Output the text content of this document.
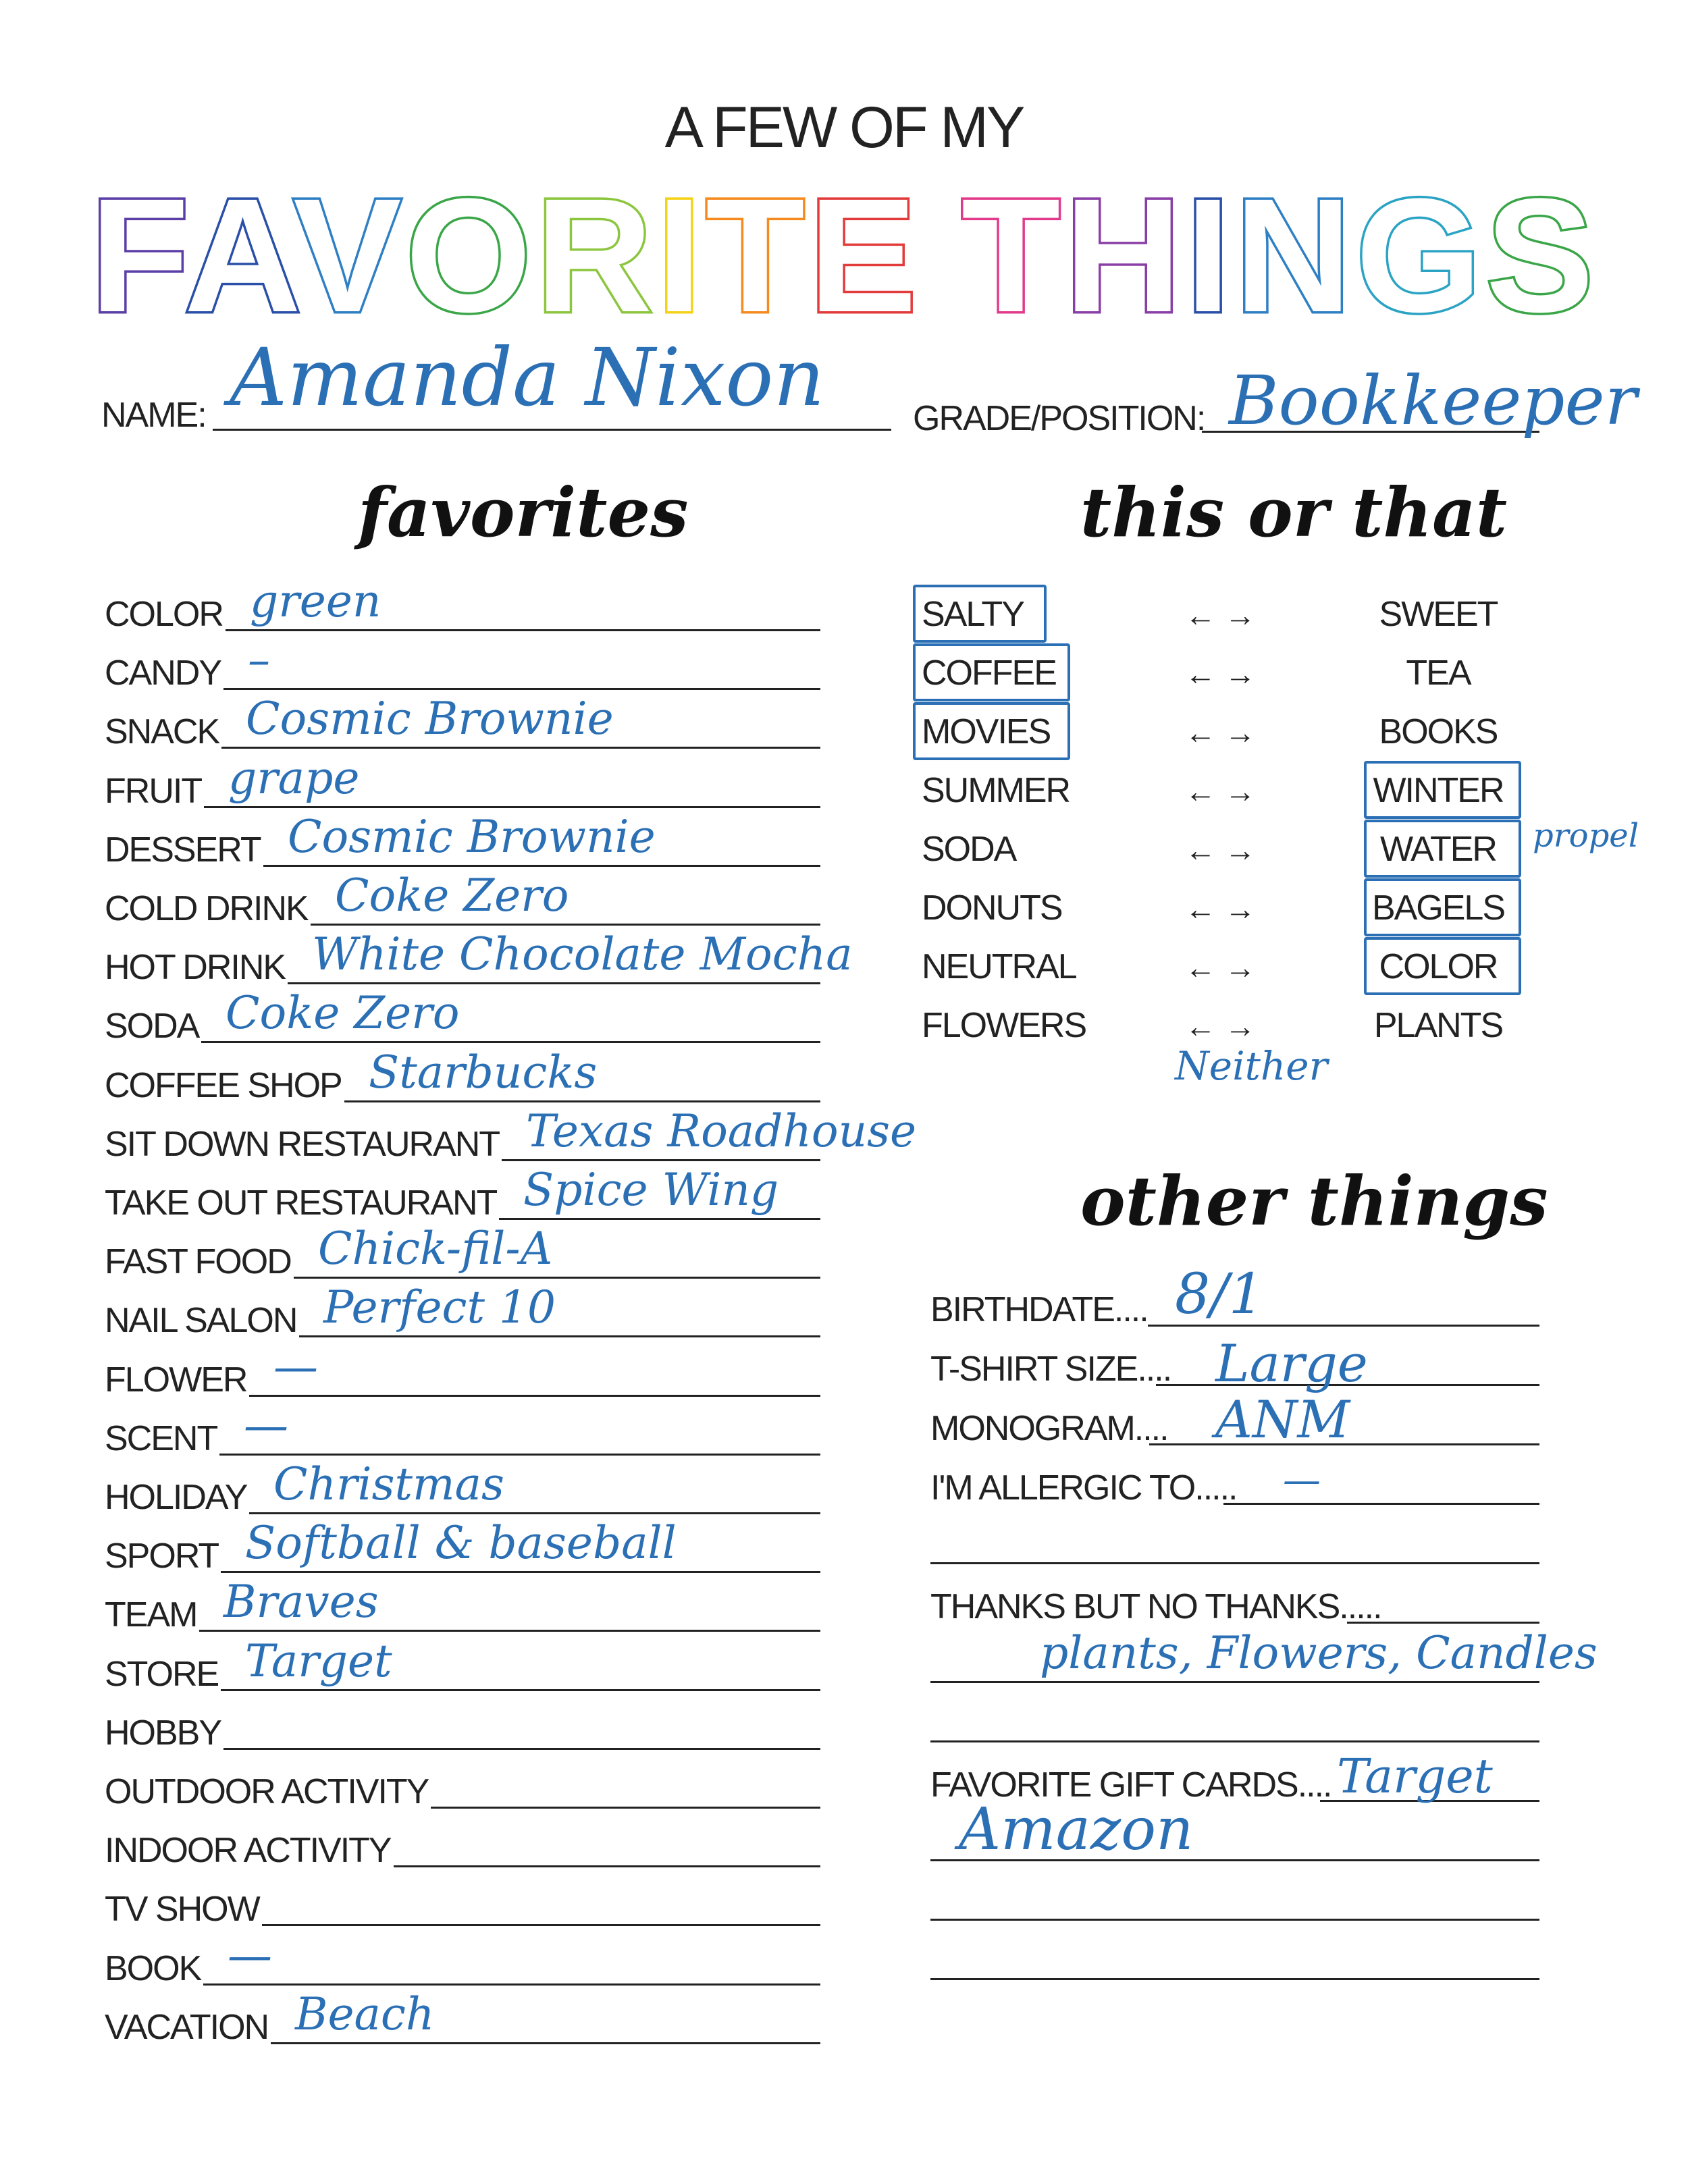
A FEW OF MY
FAVORITE THINGS
NAME: Amanda Nixon	GRADE/POSITION: Bookkeeper
favorites
COLOR green
CANDY –
SNACK Cosmic Brownie
FRUIT grape
DESSERT Cosmic Brownie
COLD DRINK Coke Zero
HOT DRINK White Chocolate Mocha
SODA Coke Zero
COFFEE SHOP Starbucks
SIT DOWN RESTAURANT Texas Roadhouse
TAKE OUT RESTAURANT Spice Wing
FAST FOOD Chick-fil-A
NAIL SALON Perfect 10
FLOWER —
SCENT —
HOLIDAY Christmas
SPORT Softball & baseball
TEAM Braves
STORE Target
HOBBY
OUTDOOR ACTIVITY
INDOOR ACTIVITY
TV SHOW
BOOK —
VACATION Beach
this or that
SALTY	← →	SWEET
COFFEE	← →	TEA
MOVIES	← →	BOOKS
SUMMER	← →	WINTER
SODA	← →	WATER
DONUTS	← →	BAGELS
NEUTRAL	← →	COLOR
FLOWERS	← →	PLANTS
propel
Neither
other things
BIRTHDATE.... 8/1
T-SHIRT SIZE.... Large
MONOGRAM.... ANM
I'M ALLERGIC TO..... —
THANKS BUT NO THANKS.....
plants, Flowers, Candles
FAVORITE GIFT CARDS.... Target
Amazon
